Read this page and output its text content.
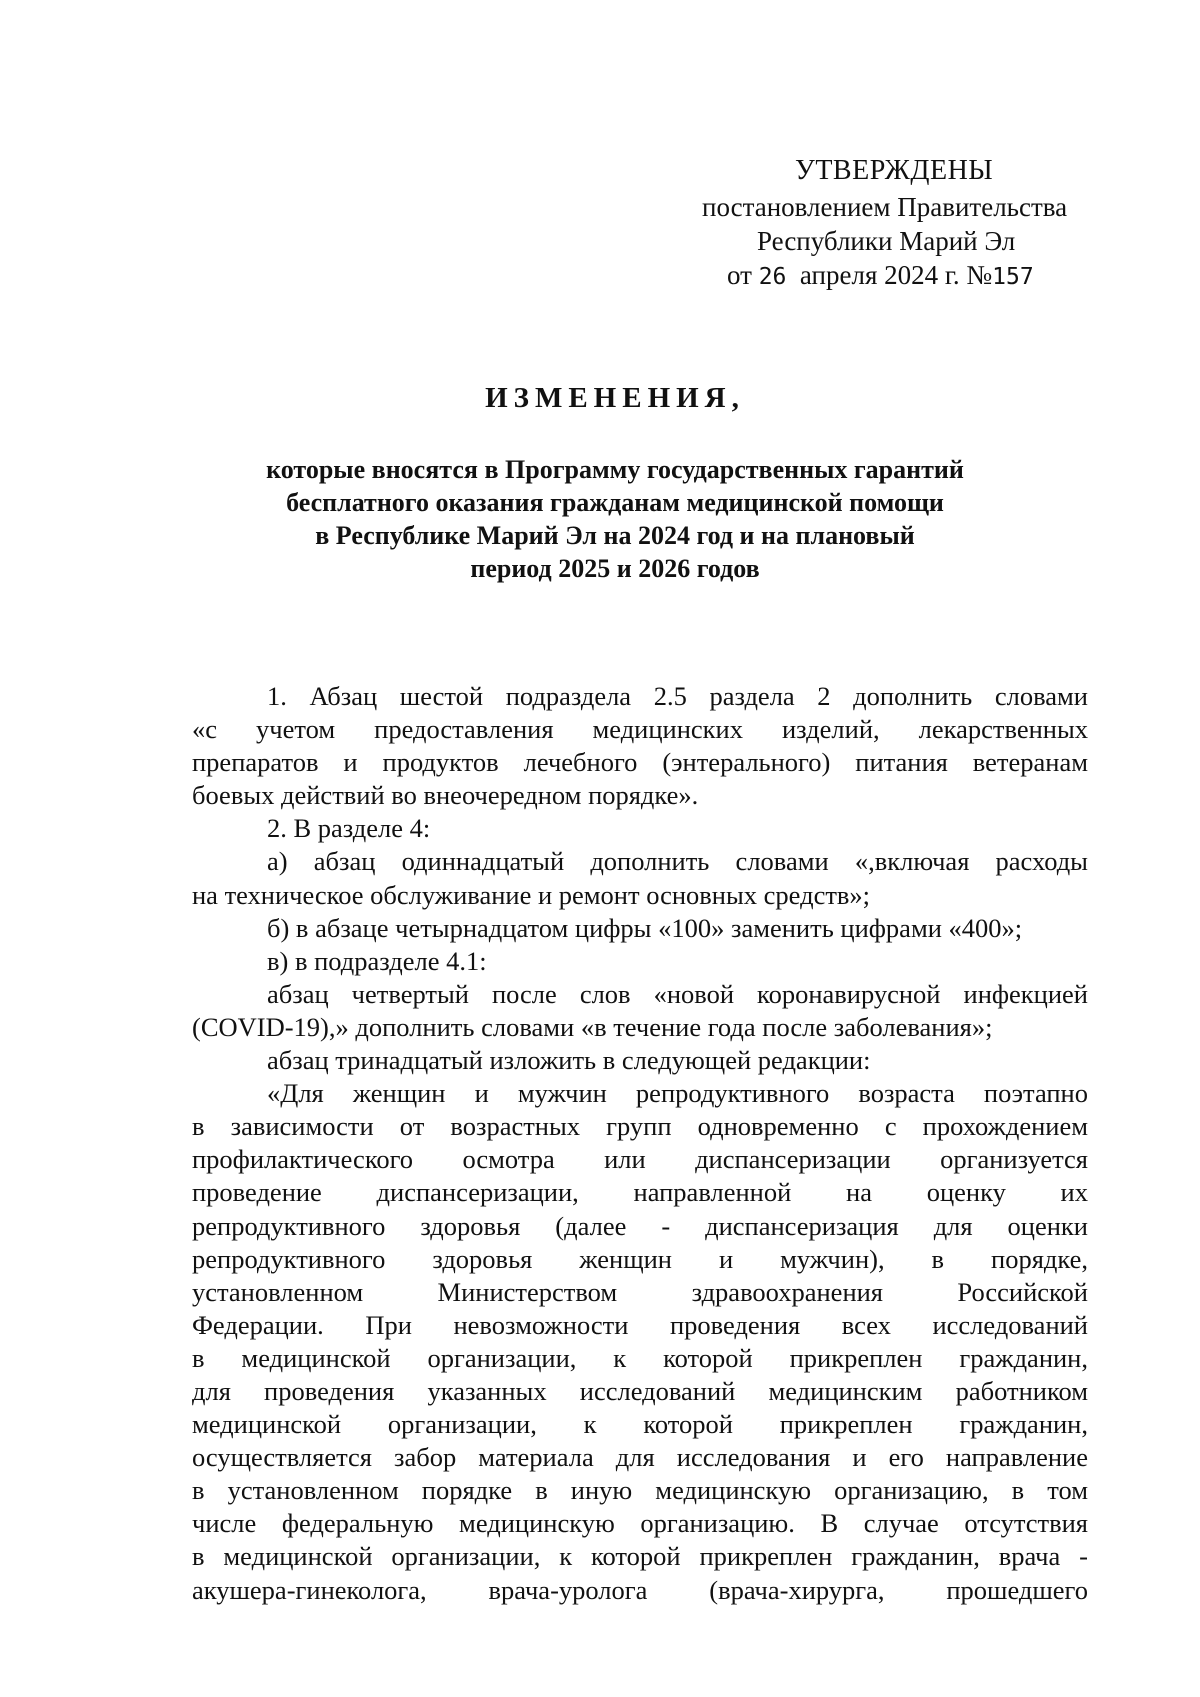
УТВЕРЖДЕНЫ
постановлением Правительства
Республики Марий Эл
от 26 апреля 2024 г. №157
ИЗМЕНЕНИЯ,
которые вносятся в Программу государственных гарантий
бесплатного оказания гражданам медицинской помощи
в Республике Марий Эл на 2024 год и на плановый
период 2025 и 2026 годов
1. Абзац шестой подраздела 2.5 раздела 2 дополнить словами
«с учетом предоставления медицинских изделий, лекарственных
препаратов и продуктов лечебного (энтерального) питания ветеранам
боевых действий во внеочередном порядке».
2. В разделе 4:
а) абзац одиннадцатый дополнить словами «,включая расходы
на техническое обслуживание и ремонт основных средств»;
б) в абзаце четырнадцатом цифры «100» заменить цифрами «400»;
в) в подразделе 4.1:
абзац четвертый после слов «новой коронавирусной инфекцией
(COVID-19),» дополнить словами «в течение года после заболевания»;
абзац тринадцатый изложить в следующей редакции:
«Для женщин и мужчин репродуктивного возраста поэтапно
в зависимости от возрастных групп одновременно с прохождением
профилактического осмотра или диспансеризации организуется
проведение диспансеризации, направленной на оценку их
репродуктивного здоровья (далее - диспансеризация для оценки
репродуктивного здоровья женщин и мужчин), в порядке,
установленном Министерством здравоохранения Российской
Федерации. При невозможности проведения всех исследований
в медицинской организации, к которой прикреплен гражданин,
для проведения указанных исследований медицинским работником
медицинской организации, к которой прикреплен гражданин,
осуществляется забор материала для исследования и его направление
в установленном порядке в иную медицинскую организацию, в том
числе федеральную медицинскую организацию. В случае отсутствия
в медицинской организации, к которой прикреплен гражданин, врача -
акушера-гинеколога, врача-уролога (врача-хирурга, прошедшего
